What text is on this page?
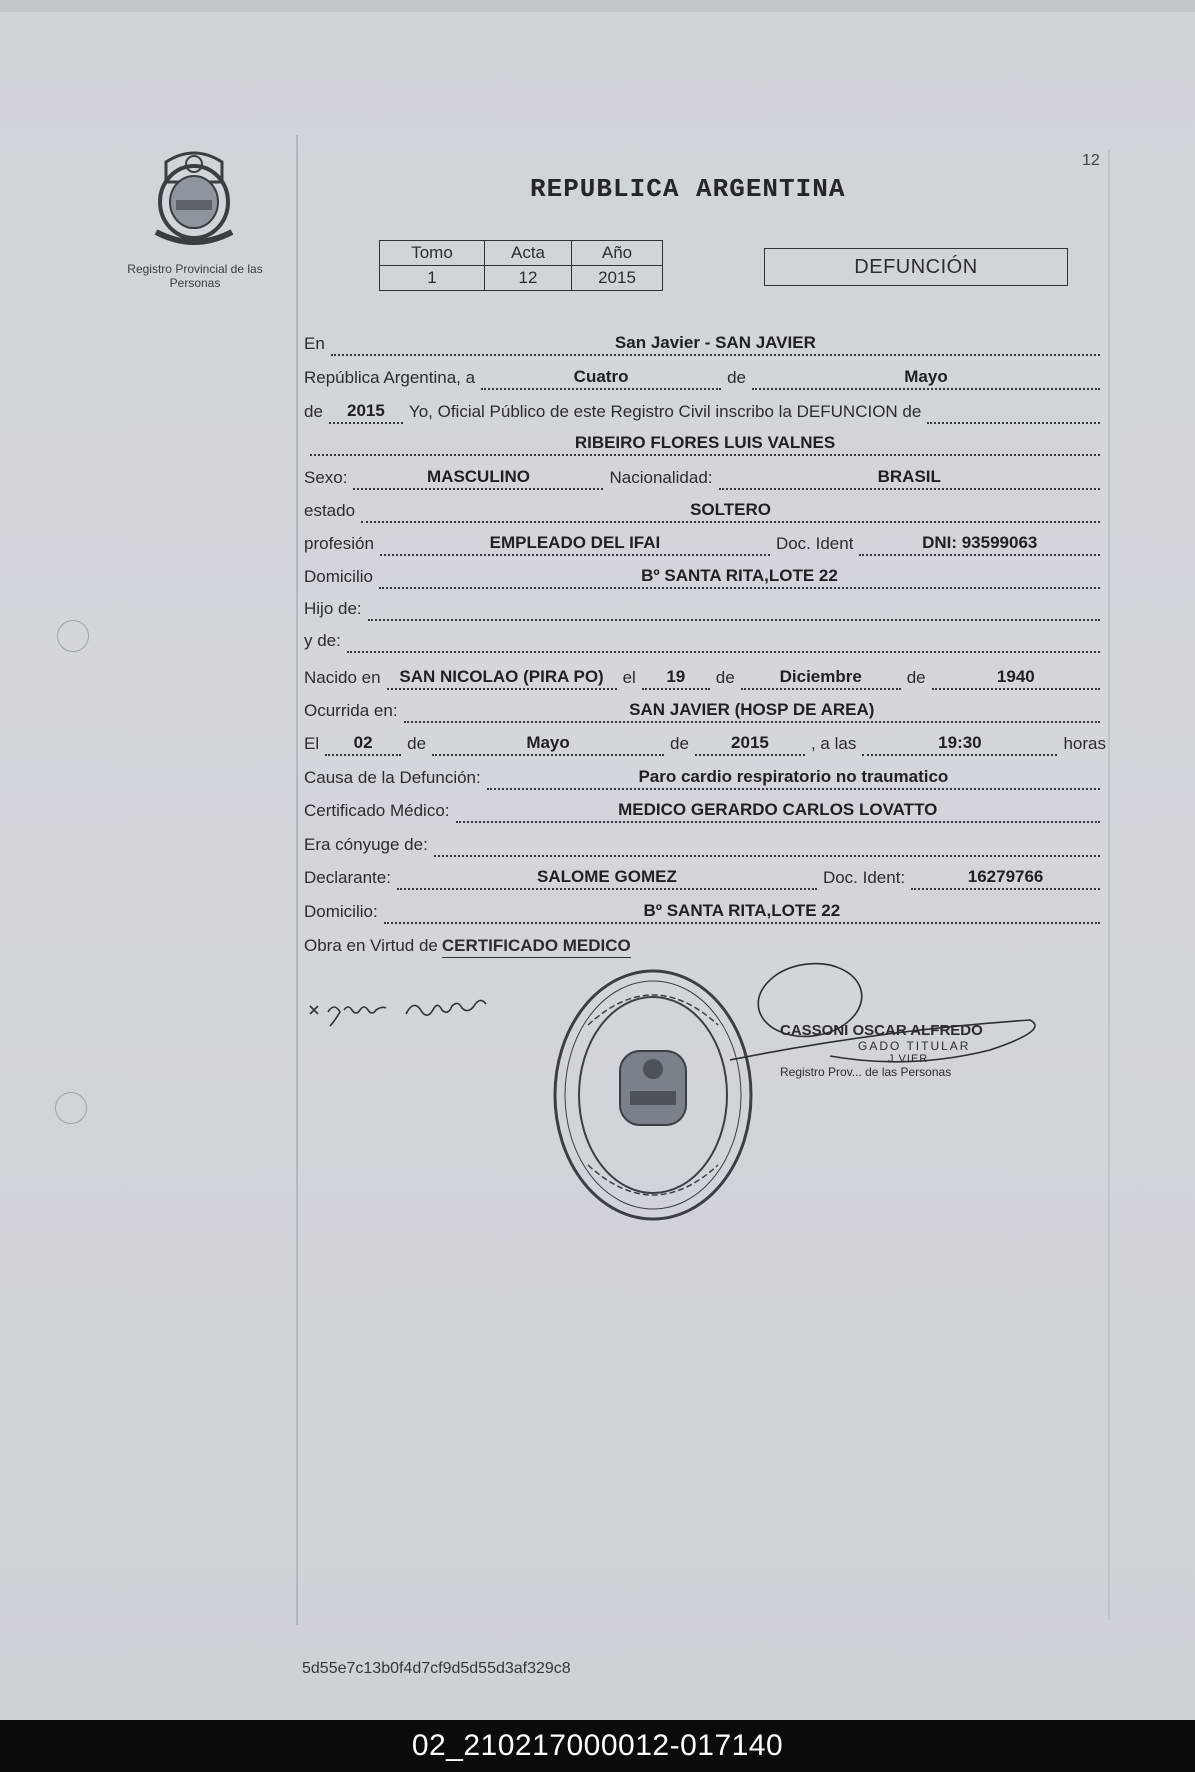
Registro Provincial de las Personas
12
REPUBLICA ARGENTINA
Tomo	Acta	Año
1	12	2015	DEFUNCIÓN
En	San Javier - SAN JAVIER
República Argentina, a	Cuatro	de	Mayo
de	2015	Yo, Oficial Público de este Registro Civil inscribo la DEFUNCION de
RIBEIRO FLORES LUIS VALNES
Sexo:	MASCULINO	Nacionalidad:	BRASIL
estado	SOLTERO
profesión	EMPLEADO DEL IFAI	Doc. Ident	DNI: 93599063
Domicilio	Bº SANTA RITA,LOTE 22
Hijo de:
y de:
Nacido en	SAN NICOLAO (PIRA PO)	el	19	de	Diciembre	de	1940
Ocurrida en:	SAN JAVIER (HOSP DE AREA)
El	02	de	Mayo	de	2015	, a las	19:30	horas
Causa de la Defunción:	Paro cardio respiratorio no traumatico
Certificado Médico:	MEDICO GERARDO CARLOS LOVATTO
Era cónyuge de:
Declarante:	SALOME GOMEZ	Doc. Ident:	16279766
Domicilio:	Bº SANTA RITA,LOTE 22
Obra en Virtud de CERTIFICADO MEDICO
CASSONI OSCAR ALFREDO
GADO TITULAR
J VIER
Registro Prov... de las Personas
5d55e7c13b0f4d7cf9d5d55d3af329c8
02_210217000012-017140
